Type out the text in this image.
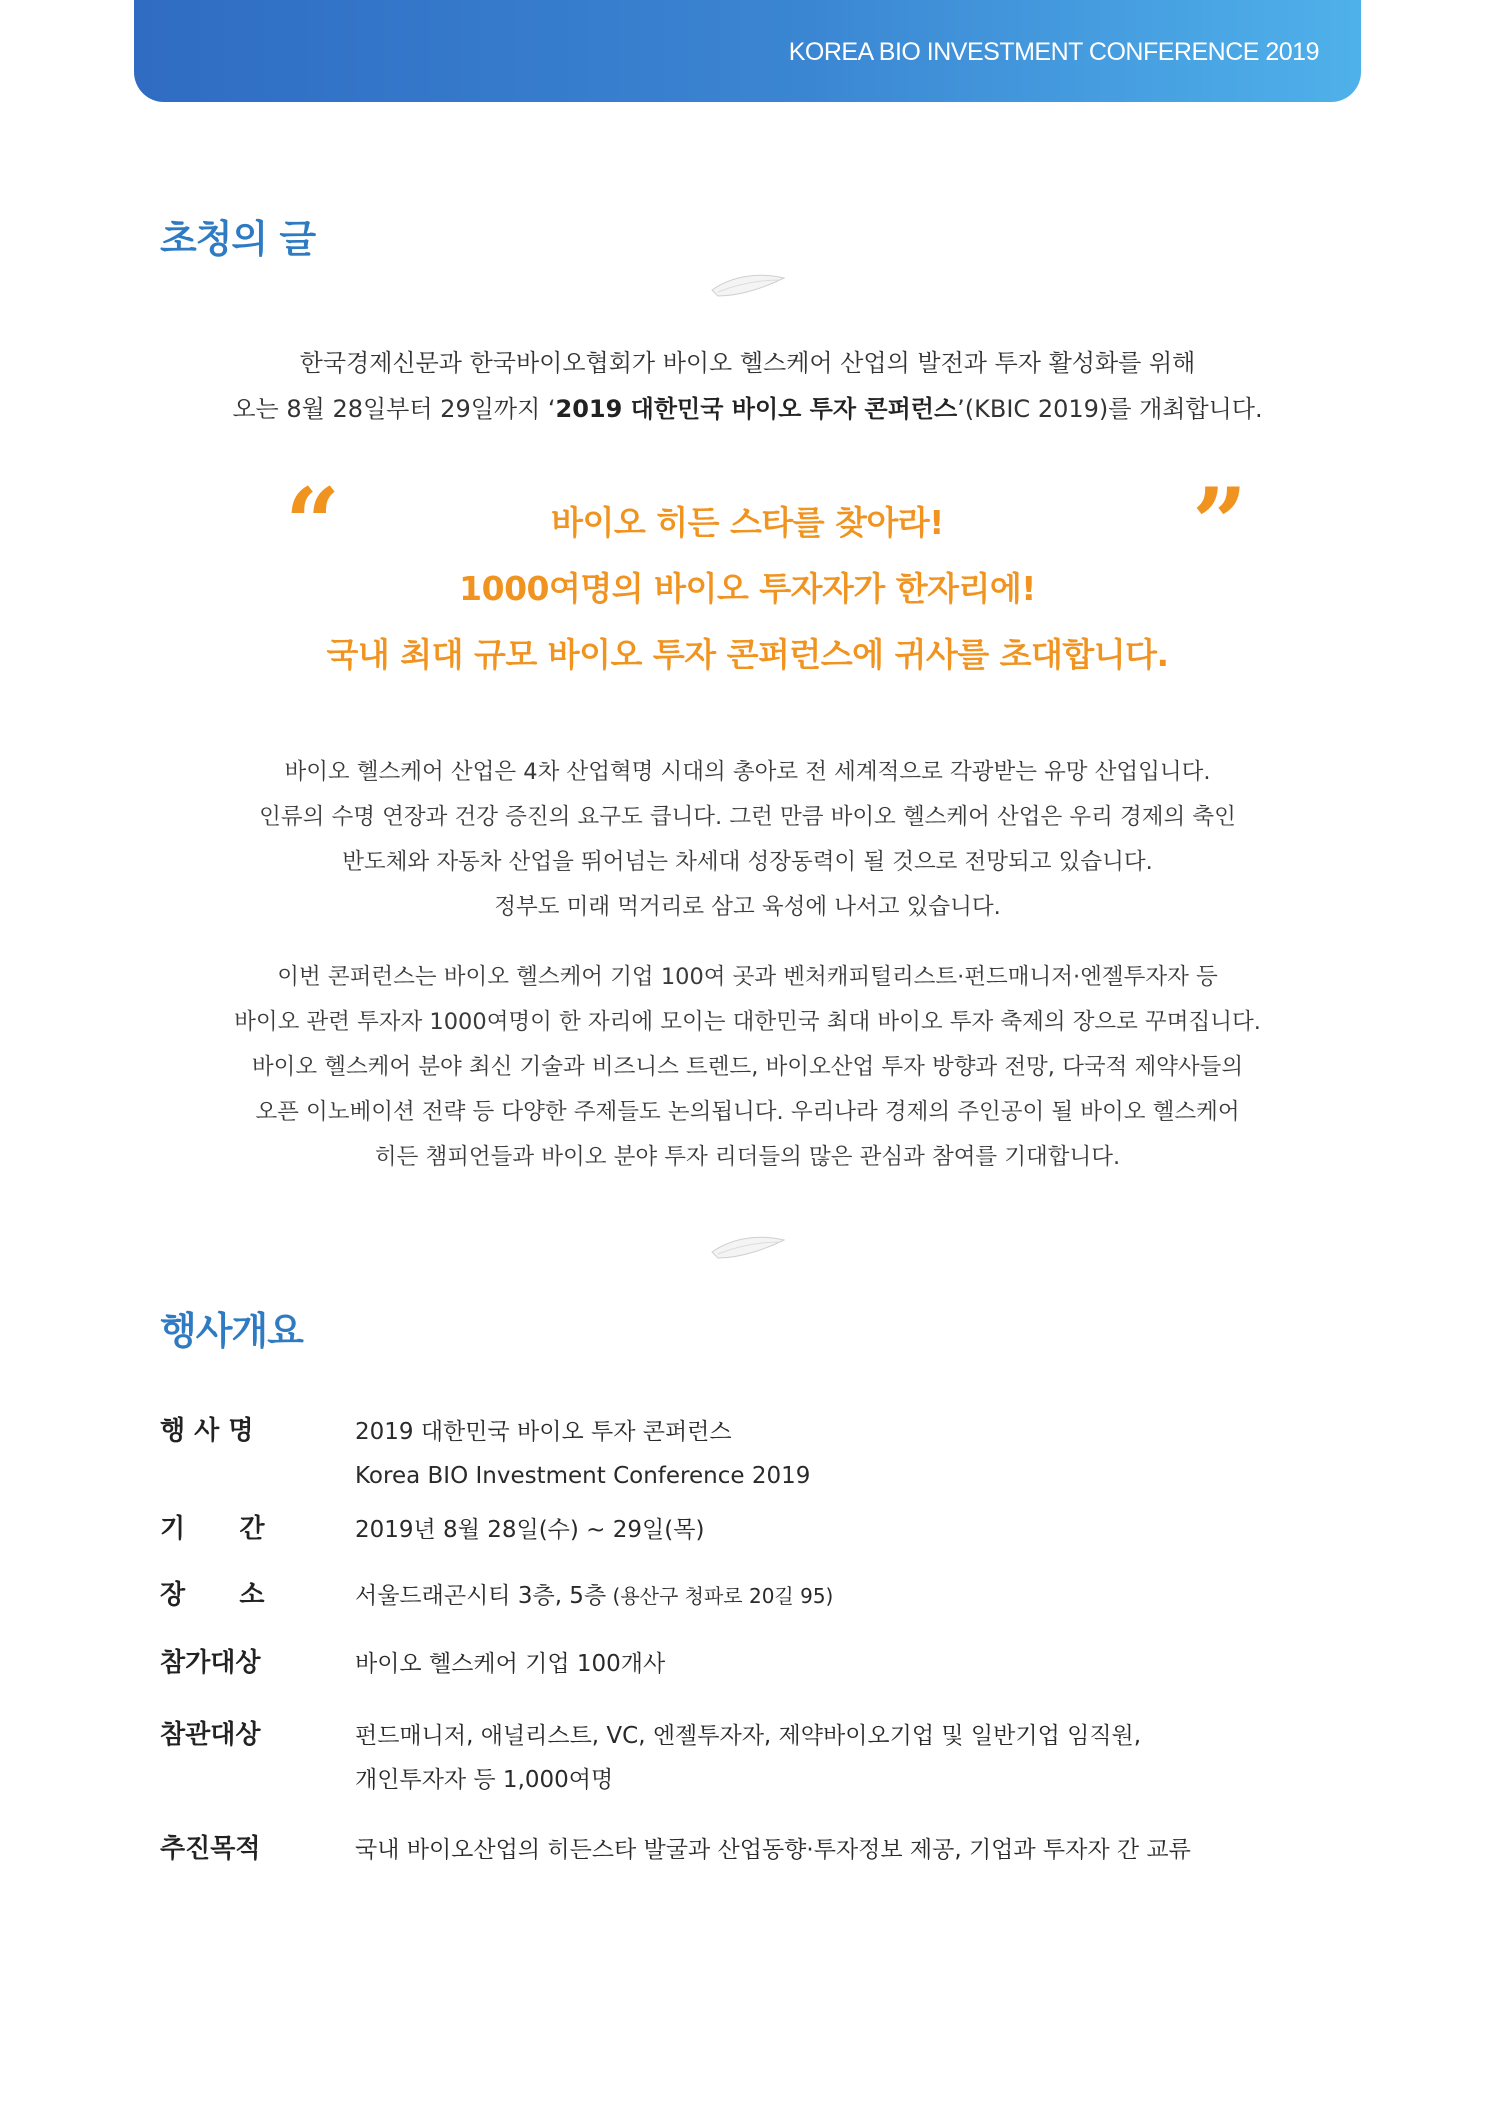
KOREA BIO INVESTMENT CONFERENCE 2019
초청의 글

한국경제신문과 한국바이오협회가 바이오 헬스케어 산업의 발전과 투자 활성화를 위해

오는 8월 28일부터 29일까지 ‘2019 대한민국 바이오 투자 콘퍼런스’(KBIC 2019)를 개최합니다.

“	”
바이오 히든 스타를 찾아라!
1000여명의 바이오 투자자가 한자리에!
국내 최대 규모 바이오 투자 콘퍼런스에 귀사를 초대합니다.

바이오 헬스케어 산업은 4차 산업혁명 시대의 총아로 전 세계적으로 각광받는 유망 산업입니다.

인류의 수명 연장과 건강 증진의 요구도 큽니다. 그런 만큼 바이오 헬스케어 산업은 우리 경제의 축인

반도체와 자동차 산업을 뛰어넘는 차세대 성장동력이 될 것으로 전망되고 있습니다.

정부도 미래 먹거리로 삼고 육성에 나서고 있습니다.

이번 콘퍼런스는 바이오 헬스케어 기업 100여 곳과 벤처캐피털리스트·펀드매니저·엔젤투자자 등

바이오 관련 투자자 1000여명이 한 자리에 모이는 대한민국 최대 바이오 투자 축제의 장으로 꾸며집니다.

바이오 헬스케어 분야 최신 기술과 비즈니스 트렌드, 바이오산업 투자 방향과 전망, 다국적 제약사들의

오픈 이노베이션 전략 등 다양한 주제들도 논의됩니다. 우리나라 경제의 주인공이 될 바이오 헬스케어

히든 챔피언들과 바이오 분야 투자 리더들의 많은 관심과 참여를 기대합니다.

행사개요
행 사 명	2019 대한민국 바이오 투자 콘퍼런스
Korea BIO Investment Conference 2019
기      간	2019년 8월 28일(수) ~ 29일(목)
장      소	서울드래곤시티 3층, 5층 (용산구 청파로 20길 95)
참가대상	바이오 헬스케어 기업 100개사
참관대상	펀드매니저, 애널리스트, VC, 엔젤투자자, 제약바이오기업 및 일반기업 임직원,
개인투자자 등 1,000여명
추진목적	국내 바이오산업의 히든스타 발굴과 산업동향·투자정보 제공, 기업과 투자자 간 교류
